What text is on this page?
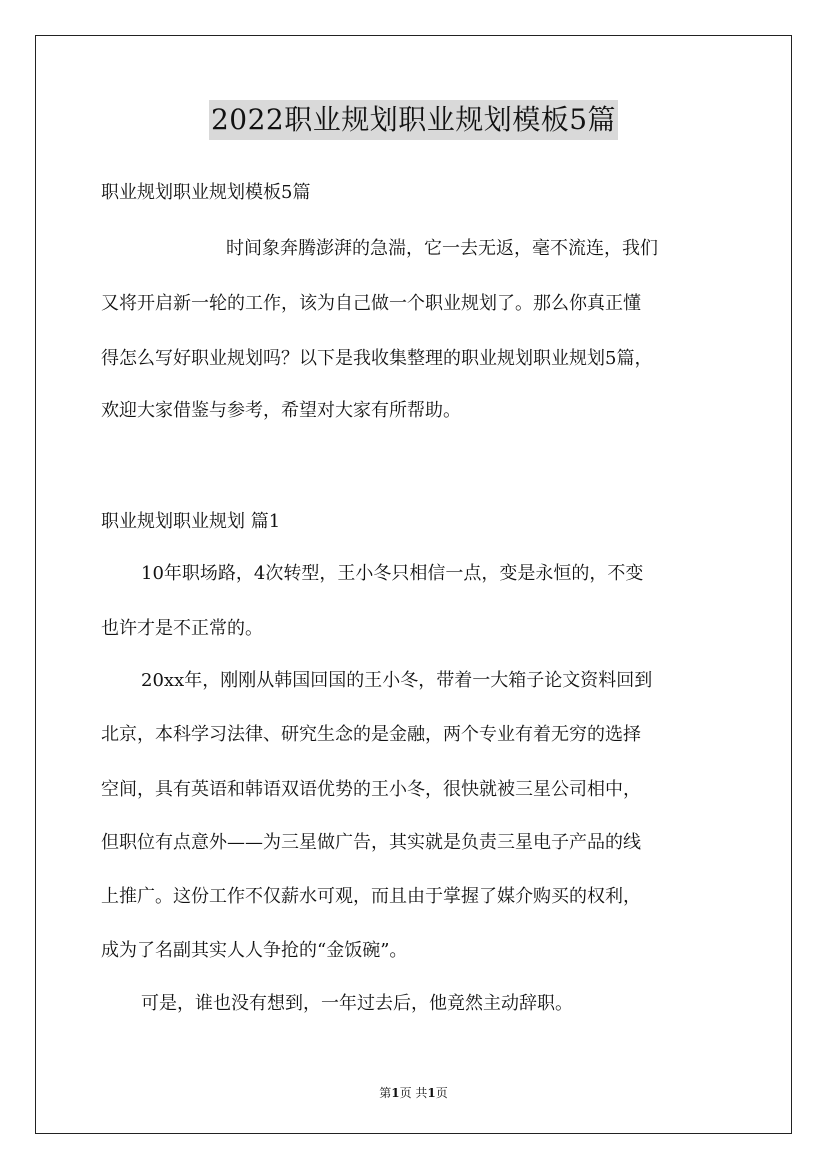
2022职业规划职业规划模板5篇
职业规划职业规划模板5篇
时间象奔腾澎湃的急湍，它一去无返，毫不流连，我们
又将开启新一轮的工作，该为自己做一个职业规划了。那么你真正懂
得怎么写好职业规划吗？以下是我收集整理的职业规划职业规划5篇，
欢迎大家借鉴与参考，希望对大家有所帮助。
职业规划职业规划 篇1
10年职场路，4次转型，王小冬只相信一点，变是永恒的，不变
也许才是不正常的。
20xx年，刚刚从韩国回国的王小冬，带着一大箱子论文资料回到
北京，本科学习法律、研究生念的是金融，两个专业有着无穷的选择
空间，具有英语和韩语双语优势的王小冬，很快就被三星公司相中，
但职位有点意外——为三星做广告，其实就是负责三星电子产品的线
上推广。这份工作不仅薪水可观，而且由于掌握了媒介购买的权利，
成为了名副其实人人争抢的“金饭碗”。
可是，谁也没有想到，一年过去后，他竟然主动辞职。
第1页 共1页
